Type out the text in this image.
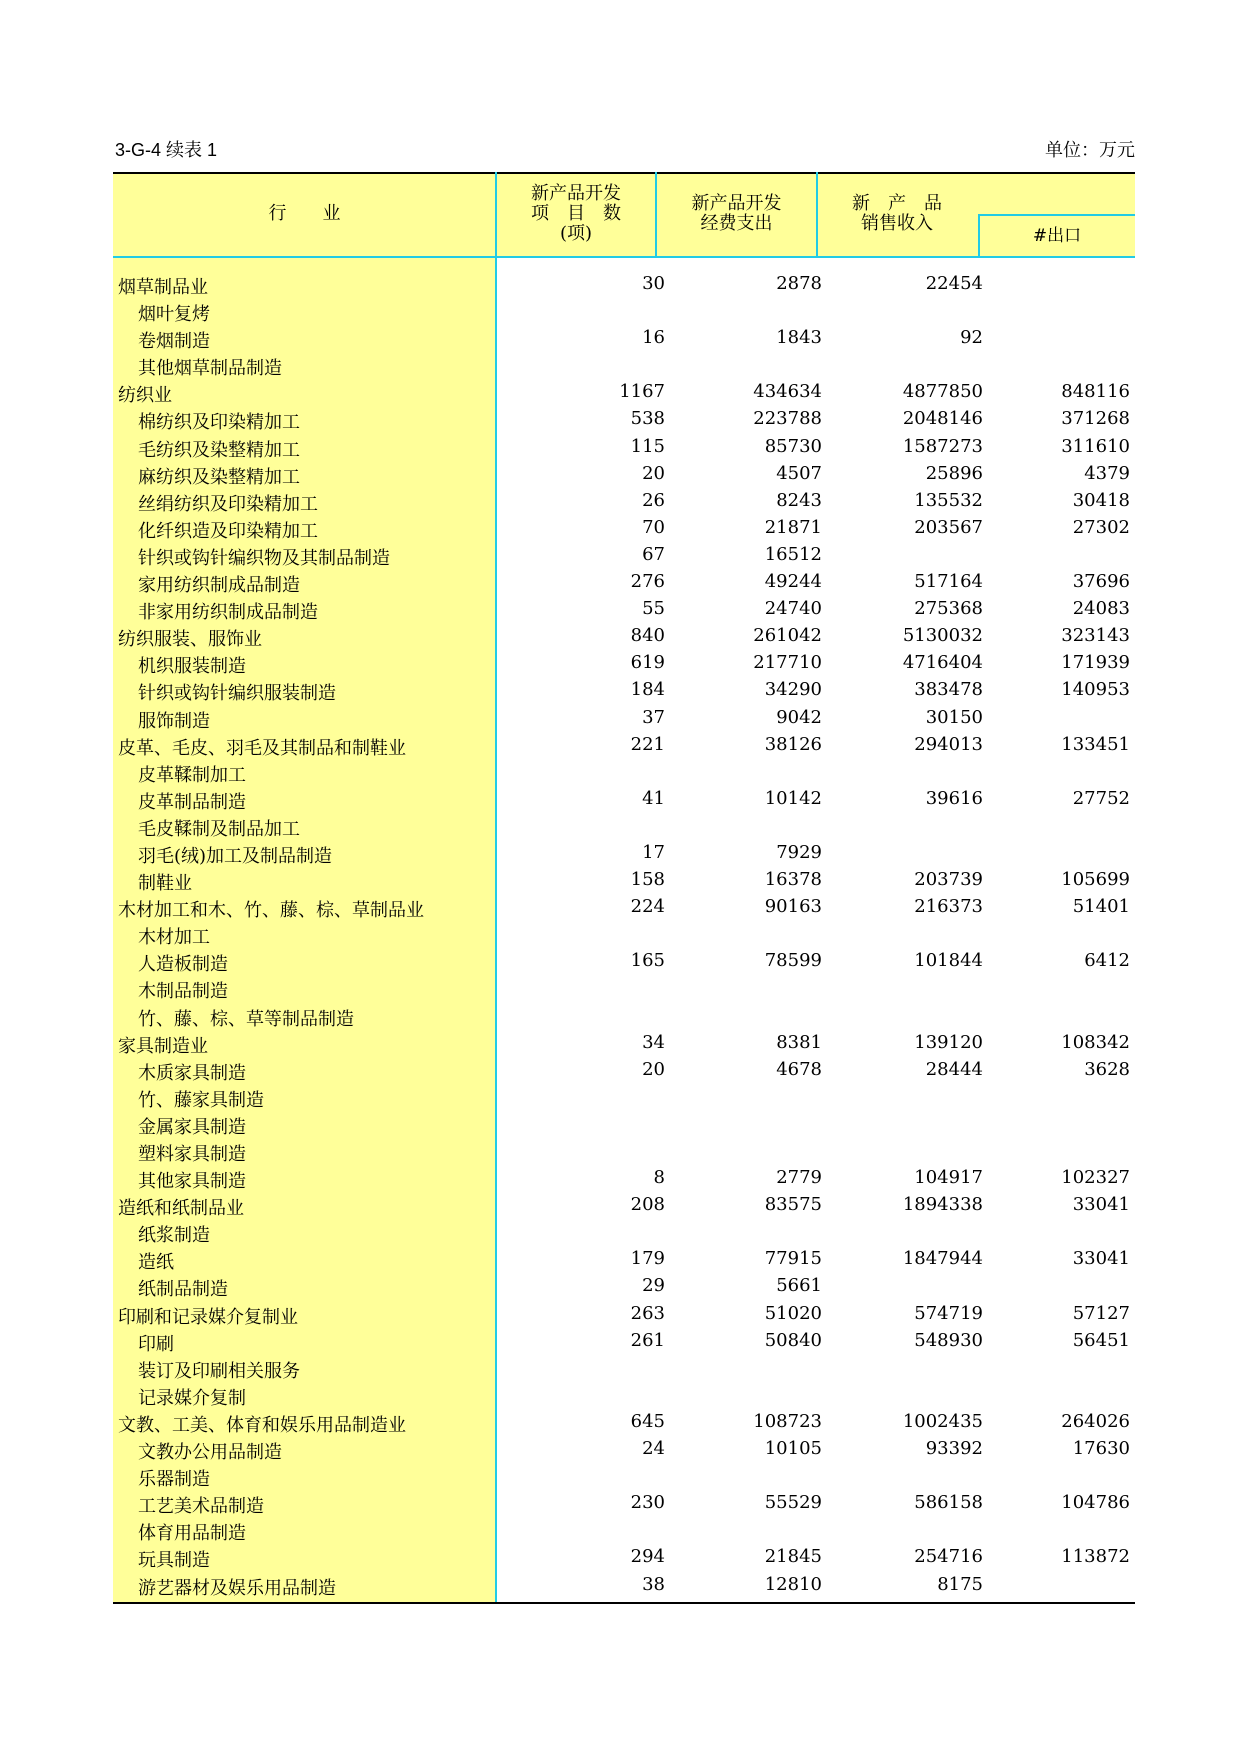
3-G-4 续表 1	单位：万元
行　　业
新产品开发
项　目　数
(项)
新产品开发
经费支出
新　产　品
销售收入
#出口
烟草制品业	30	2878	22454
烟叶复烤
卷烟制造	16	1843	92
其他烟草制品制造
纺织业	1167	434634	4877850	848116
棉纺织及印染精加工	538	223788	2048146	371268
毛纺织及染整精加工	115	85730	1587273	311610
麻纺织及染整精加工	20	4507	25896	4379
丝绢纺织及印染精加工	26	8243	135532	30418
化纤织造及印染精加工	70	21871	203567	27302
针织或钩针编织物及其制品制造	67	16512
家用纺织制成品制造	276	49244	517164	37696
非家用纺织制成品制造	55	24740	275368	24083
纺织服装、服饰业	840	261042	5130032	323143
机织服装制造	619	217710	4716404	171939
针织或钩针编织服装制造	184	34290	383478	140953
服饰制造	37	9042	30150
皮革、毛皮、羽毛及其制品和制鞋业	221	38126	294013	133451
皮革鞣制加工
皮革制品制造	41	10142	39616	27752
毛皮鞣制及制品加工
羽毛(绒)加工及制品制造	17	7929
制鞋业	158	16378	203739	105699
木材加工和木、竹、藤、棕、草制品业	224	90163	216373	51401
木材加工
人造板制造	165	78599	101844	6412
木制品制造
竹、藤、棕、草等制品制造
家具制造业	34	8381	139120	108342
木质家具制造	20	4678	28444	3628
竹、藤家具制造
金属家具制造
塑料家具制造
其他家具制造	8	2779	104917	102327
造纸和纸制品业	208	83575	1894338	33041
纸浆制造
造纸	179	77915	1847944	33041
纸制品制造	29	5661
印刷和记录媒介复制业	263	51020	574719	57127
印刷	261	50840	548930	56451
装订及印刷相关服务
记录媒介复制
文教、工美、体育和娱乐用品制造业	645	108723	1002435	264026
文教办公用品制造	24	10105	93392	17630
乐器制造
工艺美术品制造	230	55529	586158	104786
体育用品制造
玩具制造	294	21845	254716	113872
游艺器材及娱乐用品制造	38	12810	8175
